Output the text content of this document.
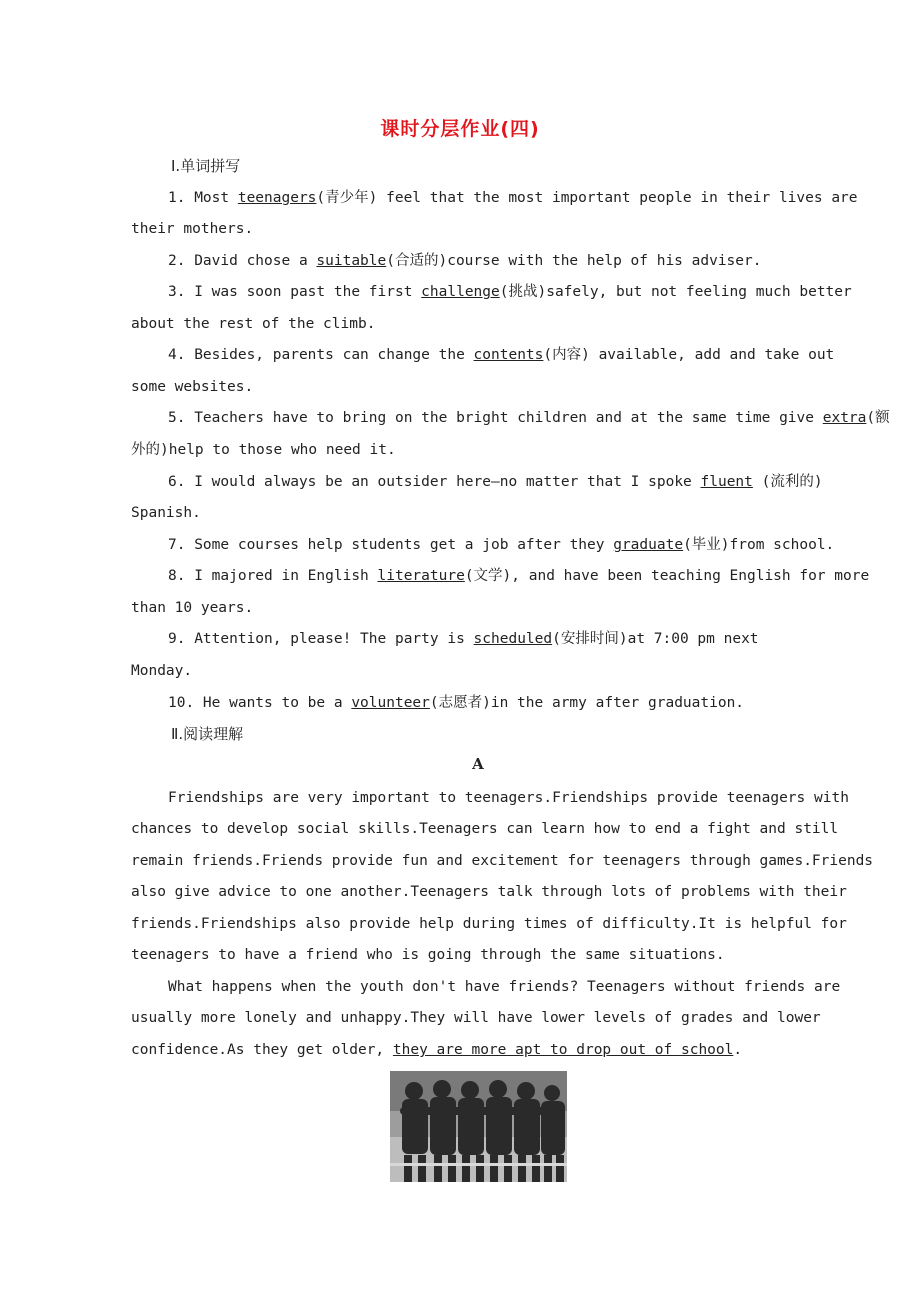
课时分层作业(四)
Ⅰ.单词拼写
1. Most teenagers(青少年) feel that the most important people in their lives are
their mothers.
2. David chose a suitable(合适的)course with the help of his adviser.
3. I was soon past the first challenge(挑战)safely, but not feeling much better
about the rest of the climb.
4. Besides, parents can change the contents(内容) available, add and take out
some websites.
5. Teachers have to bring on the bright children and at the same time give extra(额
外的)help to those who need it.
6. I would always be an outsider here—no matter that I spoke fluent (流利的)
Spanish.
7. Some courses help students get a job after they graduate(毕业)from school.
8. I majored in English literature(文学), and have been teaching English for more
than 10 years.
9. Attention, please! The party is scheduled(安排时间)at 7:00 pm next
Monday.
10. He wants to be a volunteer(志愿者)in the army after graduation.
Ⅱ.阅读理解
A
Friendships are very important to teenagers.Friendships provide teenagers with
chances to develop social skills.Teenagers can learn how to end a fight and still
remain friends.Friends provide fun and excitement for teenagers through games.Friends
also give advice to one another.Teenagers talk through lots of problems with their
friends.Friendships also provide help during times of difficulty.It is helpful for
teenagers to have a friend who is going through the same situations.
What happens when the youth don't have friends? Teenagers without friends are
usually more lonely and unhappy.They will have lower levels of grades and lower
confidence.As they get older, they are more apt to drop out of school.
